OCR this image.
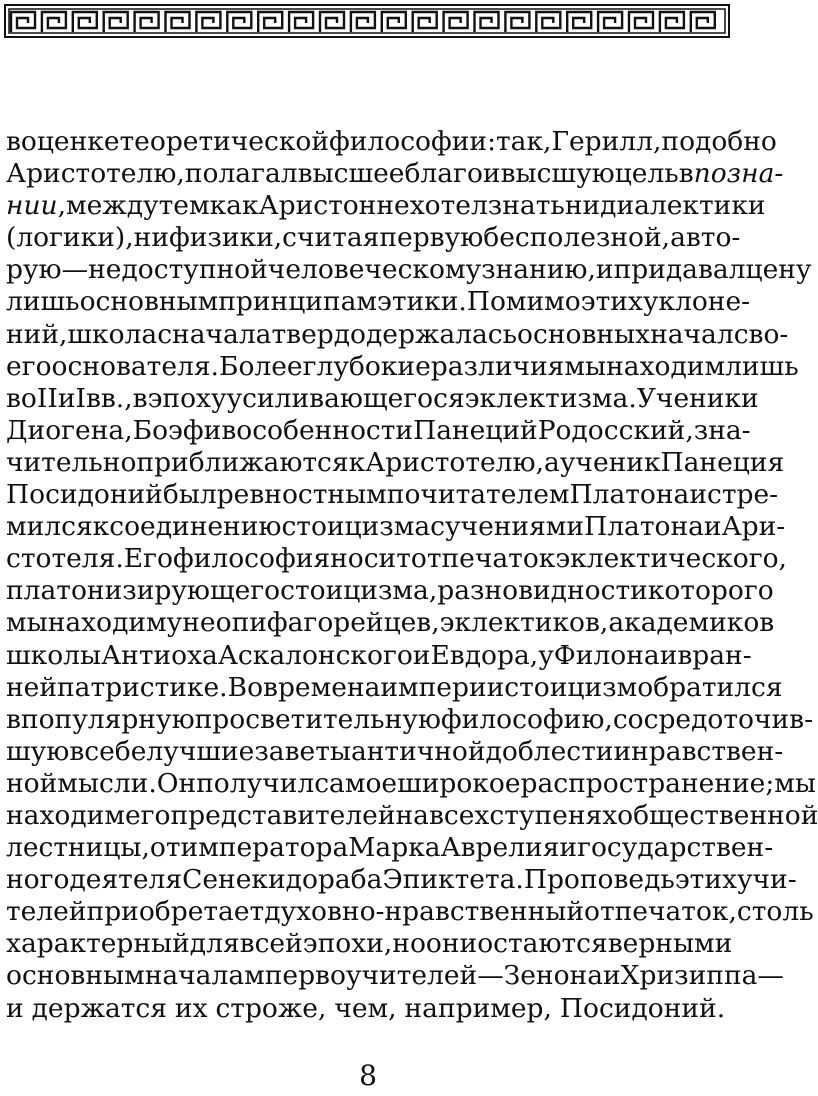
в оценке теоретической философии: так, Герилл, подобно
Аристотелю, полагал высшее благо и высшую цель в позна-
нии, между тем как Аристон не хотел знать ни диалектики
(логики), ни физики, считая первую бесполезной, а вто-
рую — недоступной человеческому знанию, и придавал цену
лишь основным принципам этики. Помимо этих уклоне-
ний, школа сначала твердо держалась основных начал сво-
его основателя. Более глубокие различия мы находим лишь
во II и I вв., в эпоху усиливающегося эклектизма. Ученики
Диогена, Боэф и в особенности Панеций Родосский, зна-
чительно приближаются к Аристотелю, а ученик Панеция
Посидоний был ревностным почитателем Платона и стре-
мился к соединению стоицизма с учениями Платона и Ари-
стотеля. Его философия носит отпечаток эклектического,
платонизирующего стоицизма, разновидности которого
мы находим у неопифагорейцев, эклектиков, академиков
школы Антиоха Аскалонского и Евдора, у Филона и в ран-
ней патристике. Во времена империи стоицизм обратился
в популярную просветительную философию, сосредоточив-
шую в себе лучшие заветы античной доблести и нравствен-
ной мысли. Он получил самое широкое распространение; мы
находим его представителей на всех ступенях общественной
лестницы, от императора Марка Аврелия и государствен-
ного деятеля Сенеки до раба Эпиктета. Проповедь этих учи-
телей приобретает духовно-нравственный отпечаток, столь
характерный для всей эпохи, но они остаются верными
основным началам первоучителей — Зенона и Хризиппа —
и держатся их строже, чем, например, Посидоний.
8
